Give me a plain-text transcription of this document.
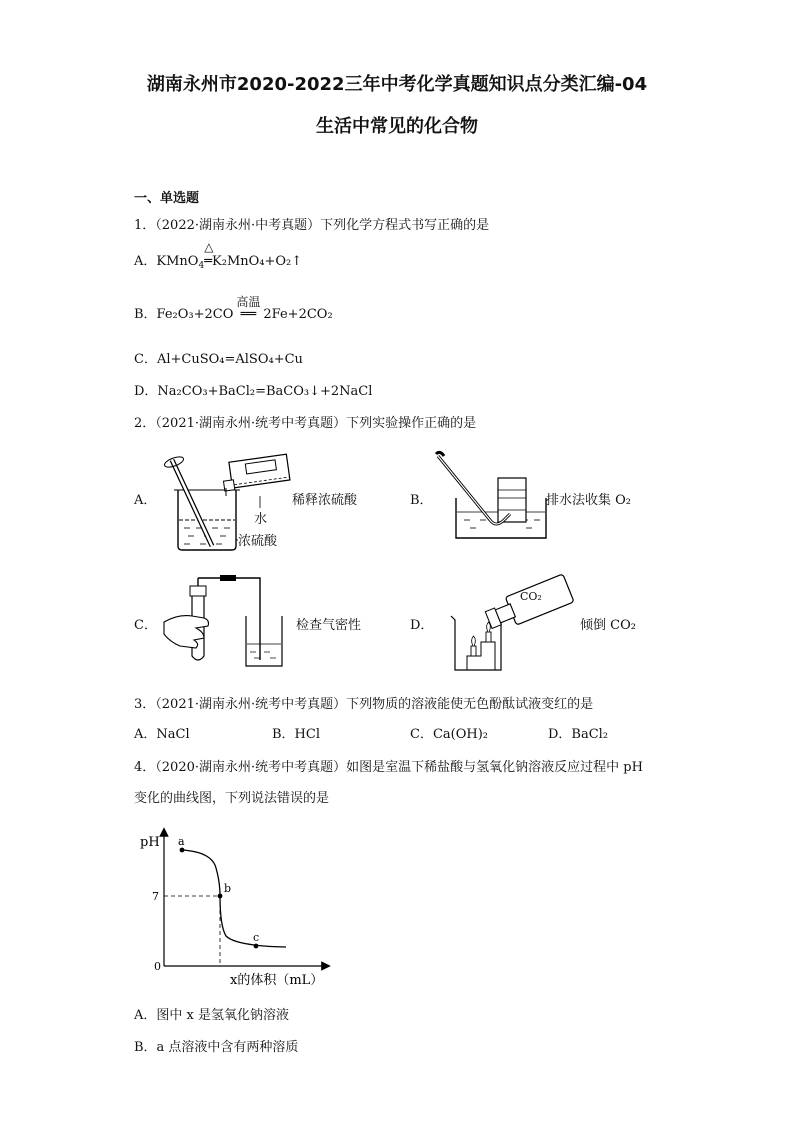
湖南永州市2020-2022三年中考化学真题知识点分类汇编-04
生活中常见的化合物
一、单选题
1．（2022·湖南永州·中考真题）下列化学方程式书写正确的是
A．KMnO$_4$
△
═K₂MnO₄+O₂↑
B．Fe₂O₃+2CO
高温
══ 2Fe+2CO₂
C．Al+CuSO₄=AlSO₄+Cu
D．Na₂CO₃+BaCl₂=BaCO₃↓+2NaCl
2．（2021·湖南永州·统考中考真题）下列实验操作正确的是
A．	稀释浓硫酸
水
浓硫酸
B．	排水法收集 O₂
C．	检查气密性	D．
CO₂
倾倒 CO₂
3．（2021·湖南永州·统考中考真题）下列物质的溶液能使无色酚酞试液变红的是
A．NaCl	B．HCl	C．Ca(OH)₂	D．BaCl₂
4．（2020·湖南永州·统考中考真题）如图是室温下稀盐酸与氢氧化钠溶液反应过程中 pH
变化的曲线图，下列说法错误的是
a
b
c
pH
7
0
x的体积（mL）
A．图中 x 是氢氧化钠溶液
B．a 点溶液中含有两种溶质
